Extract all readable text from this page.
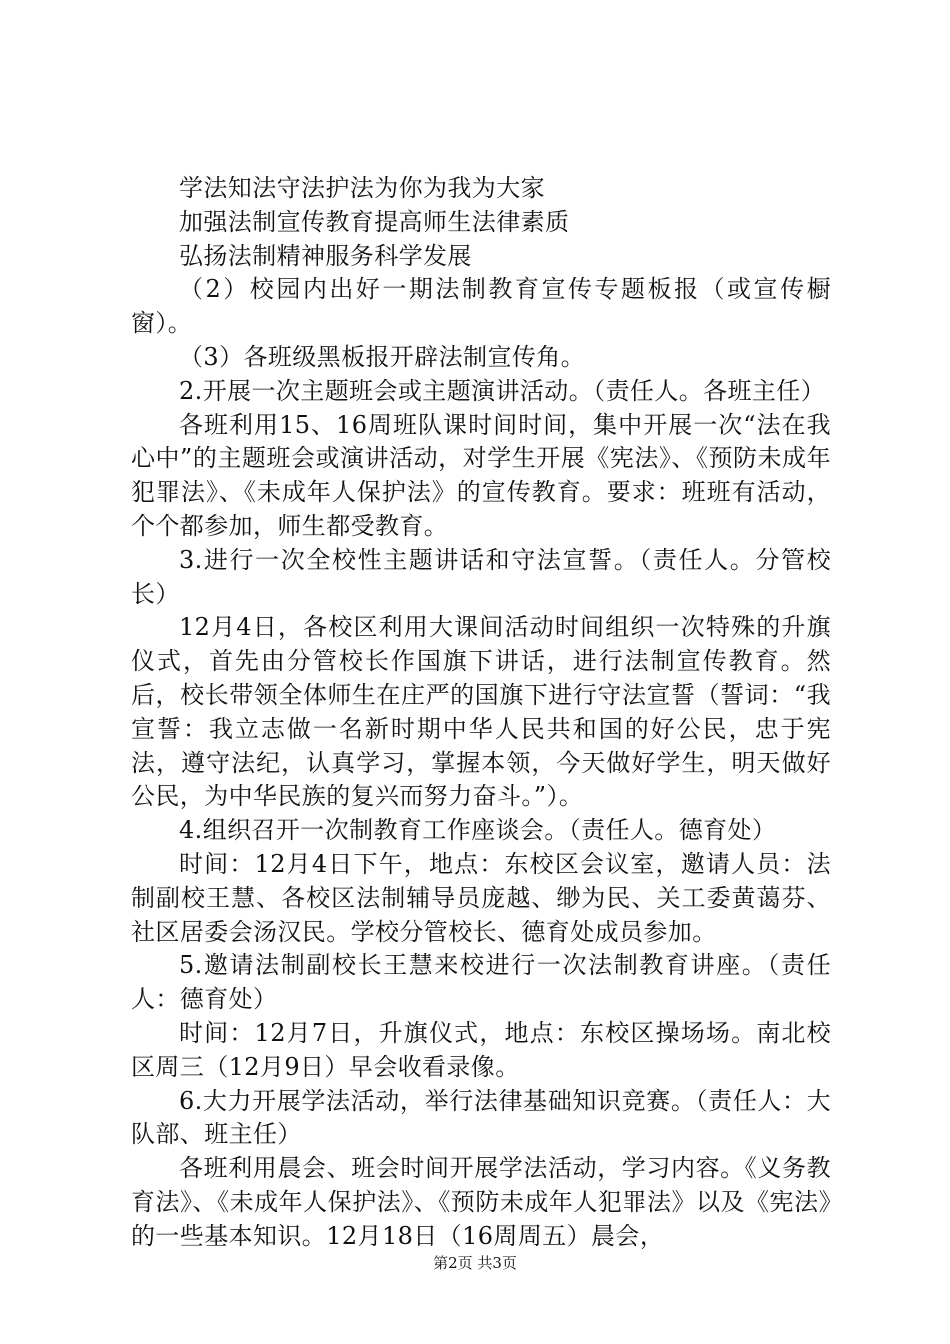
学法知法守法护法为你为我为大家

加强法制宣传教育提高师生法律素质

弘扬法制精神服务科学发展

（2）校园内出好一期法制教育宣传专题板报（或宣传橱窗）。

（3）各班级黑板报开辟法制宣传角。

2.开展一次主题班会或主题演讲活动。（责任人。各班主任）

各班利用15、16周班队课时间时间，集中开展一次“法在我心中”的主题班会或演讲活动，对学生开展《宪法》、《预防未成年犯罪法》、《未成年人保护法》的宣传教育。要求：班班有活动，个个都参加，师生都受教育。

3.进行一次全校性主题讲话和守法宣誓。（责任人。分管校长）

12月4日，各校区利用大课间活动时间组织一次特殊的升旗仪式，首先由分管校长作国旗下讲话，进行法制宣传教育。然后，校长带领全体师生在庄严的国旗下进行守法宣誓（誓词：“我宣誓：我立志做一名新时期中华人民共和国的好公民，忠于宪法，遵守法纪，认真学习，掌握本领，今天做好学生，明天做好公民，为中华民族的复兴而努力奋斗。”）。

4.组织召开一次制教育工作座谈会。（责任人。德育处）

时间：12月4日下午，地点：东校区会议室，邀请人员：法制副校王慧、各校区法制辅导员庞越、缈为民、关工委黄蔼芬、社区居委会汤汉民。学校分管校长、德育处成员参加。

5.邀请法制副校长王慧来校进行一次法制教育讲座。（责任人：德育处）

时间：12月7日，升旗仪式，地点：东校区操场场。南北校区周三（12月9日）早会收看录像。

6.大力开展学法活动，举行法律基础知识竞赛。（责任人：大队部、班主任）

各班利用晨会、班会时间开展学法活动，学习内容。《义务教育法》、《未成年人保护法》、《预防未成年人犯罪法》以及《宪法》的一些基本知识。12月18日（16周周五）晨会，

第2页 共3页
